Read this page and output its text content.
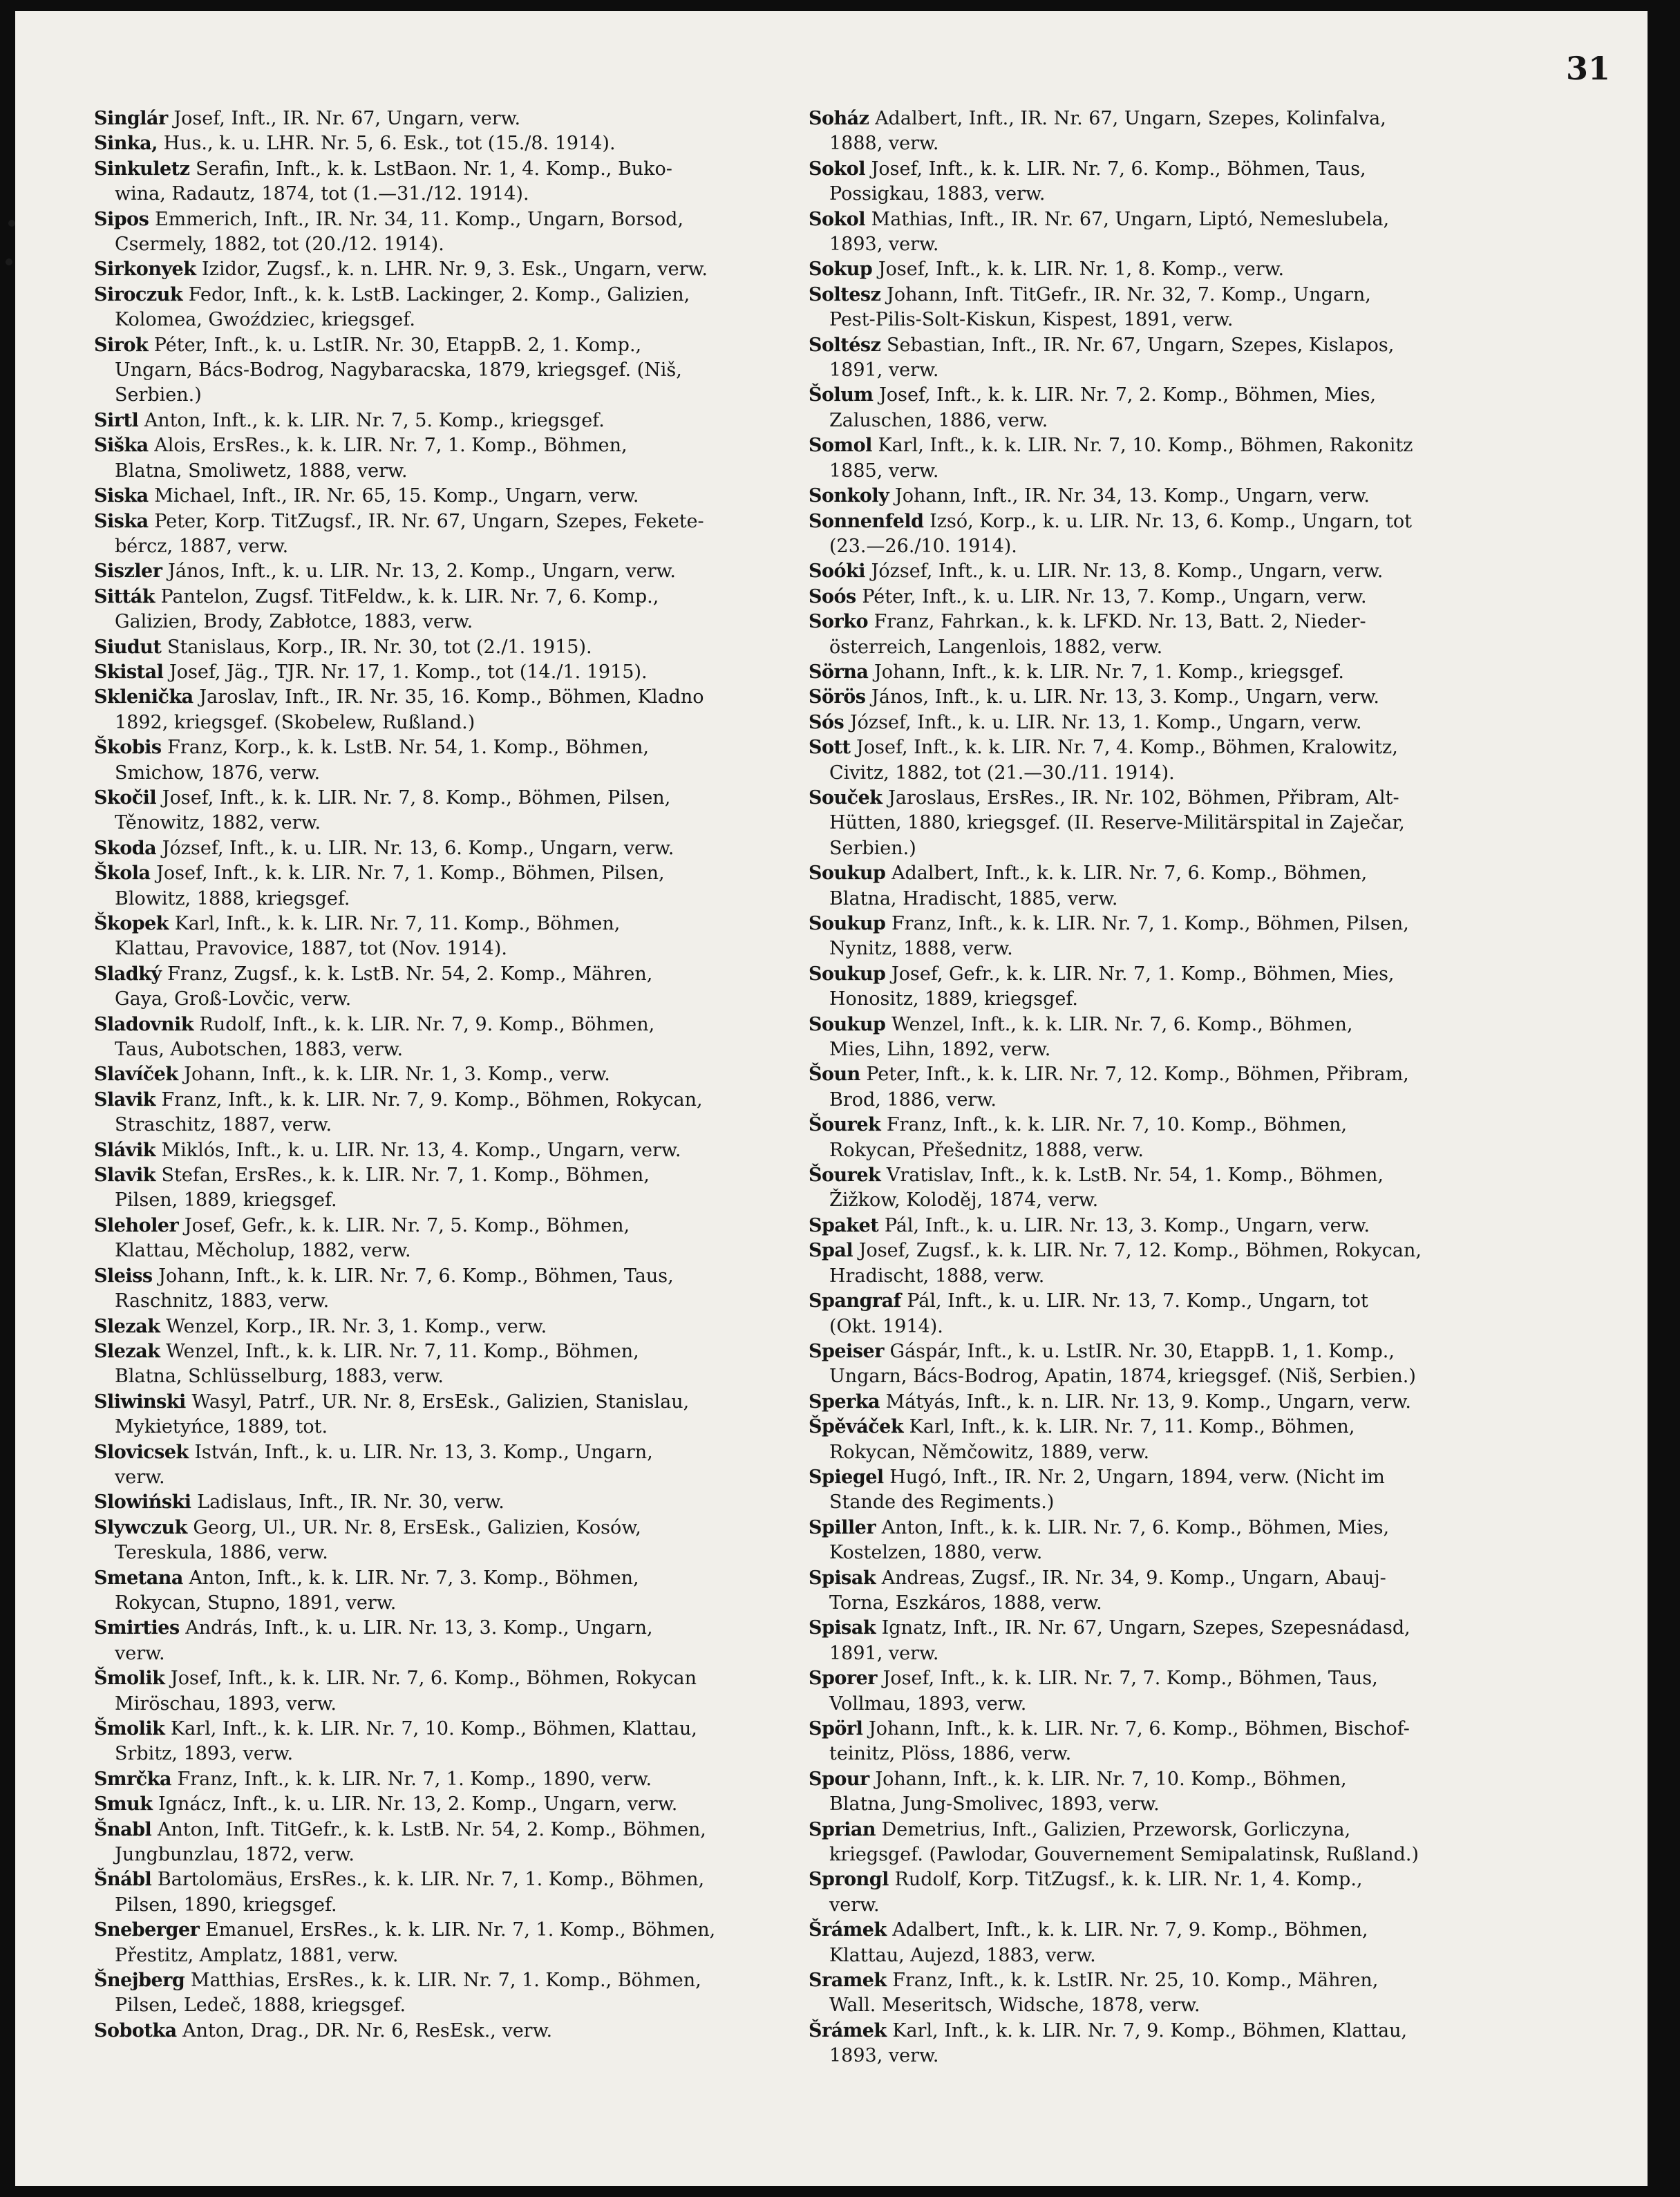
31
Singlár Josef, Inft., IR. Nr. 67, Ungarn, verw.
Sinka, Hus., k. u. LHR. Nr. 5, 6. Esk., tot (15./8. 1914).
Sinkuletz Serafin, Inft., k. k. LstBaon. Nr. 1, 4. Komp., Buko-
wina, Radautz, 1874, tot (1.—31./12. 1914).
Sipos Emmerich, Inft., IR. Nr. 34, 11. Komp., Ungarn, Borsod,
Csermely, 1882, tot (20./12. 1914).
Sirkonyek Izidor, Zugsf., k. n. LHR. Nr. 9, 3. Esk., Ungarn, verw.
Siroczuk Fedor, Inft., k. k. LstB. Lackinger, 2. Komp., Galizien,
Kolomea, Gwoździec, kriegsgef.
Sirok Péter, Inft., k. u. LstIR. Nr. 30, EtappB. 2, 1. Komp.,
Ungarn, Bács-Bodrog, Nagybaracska, 1879, kriegsgef. (Niš,
Serbien.)
Sirtl Anton, Inft., k. k. LIR. Nr. 7, 5. Komp., kriegsgef.
Siška Alois, ErsRes., k. k. LIR. Nr. 7, 1. Komp., Böhmen,
Blatna, Smoliwetz, 1888, verw.
Siska Michael, Inft., IR. Nr. 65, 15. Komp., Ungarn, verw.
Siska Peter, Korp. TitZugsf., IR. Nr. 67, Ungarn, Szepes, Fekete-
bércz, 1887, verw.
Siszler János, Inft., k. u. LIR. Nr. 13, 2. Komp., Ungarn, verw.
Sitták Pantelon, Zugsf. TitFeldw., k. k. LIR. Nr. 7, 6. Komp.,
Galizien, Brody, Zabłotce, 1883, verw.
Siudut Stanislaus, Korp., IR. Nr. 30, tot (2./1. 1915).
Skistal Josef, Jäg., TJR. Nr. 17, 1. Komp., tot (14./1. 1915).
Sklenička Jaroslav, Inft., IR. Nr. 35, 16. Komp., Böhmen, Kladno
1892, kriegsgef. (Skobelew, Rußland.)
Škobis Franz, Korp., k. k. LstB. Nr. 54, 1. Komp., Böhmen,
Smichow, 1876, verw.
Skočil Josef, Inft., k. k. LIR. Nr. 7, 8. Komp., Böhmen, Pilsen,
Těnowitz, 1882, verw.
Skoda József, Inft., k. u. LIR. Nr. 13, 6. Komp., Ungarn, verw.
Škola Josef, Inft., k. k. LIR. Nr. 7, 1. Komp., Böhmen, Pilsen,
Blowitz, 1888, kriegsgef.
Škopek Karl, Inft., k. k. LIR. Nr. 7, 11. Komp., Böhmen,
Klattau, Pravovice, 1887, tot (Nov. 1914).
Sladký Franz, Zugsf., k. k. LstB. Nr. 54, 2. Komp., Mähren,
Gaya, Groß-Lovčic, verw.
Sladovnik Rudolf, Inft., k. k. LIR. Nr. 7, 9. Komp., Böhmen,
Taus, Aubotschen, 1883, verw.
Slavíček Johann, Inft., k. k. LIR. Nr. 1, 3. Komp., verw.
Slavik Franz, Inft., k. k. LIR. Nr. 7, 9. Komp., Böhmen, Rokycan,
Straschitz, 1887, verw.
Slávik Miklós, Inft., k. u. LIR. Nr. 13, 4. Komp., Ungarn, verw.
Slavik Stefan, ErsRes., k. k. LIR. Nr. 7, 1. Komp., Böhmen,
Pilsen, 1889, kriegsgef.
Sleholer Josef, Gefr., k. k. LIR. Nr. 7, 5. Komp., Böhmen,
Klattau, Měcholup, 1882, verw.
Sleiss Johann, Inft., k. k. LIR. Nr. 7, 6. Komp., Böhmen, Taus,
Raschnitz, 1883, verw.
Slezak Wenzel, Korp., IR. Nr. 3, 1. Komp., verw.
Slezak Wenzel, Inft., k. k. LIR. Nr. 7, 11. Komp., Böhmen,
Blatna, Schlüsselburg, 1883, verw.
Sliwinski Wasyl, Patrf., UR. Nr. 8, ErsEsk., Galizien, Stanislau,
Mykietyńce, 1889, tot.
Slovicsek István, Inft., k. u. LIR. Nr. 13, 3. Komp., Ungarn,
verw.
Slowiński Ladislaus, Inft., IR. Nr. 30, verw.
Slywczuk Georg, Ul., UR. Nr. 8, ErsEsk., Galizien, Kosów,
Tereskula, 1886, verw.
Smetana Anton, Inft., k. k. LIR. Nr. 7, 3. Komp., Böhmen,
Rokycan, Stupno, 1891, verw.
Smirties András, Inft., k. u. LIR. Nr. 13, 3. Komp., Ungarn,
verw.
Šmolik Josef, Inft., k. k. LIR. Nr. 7, 6. Komp., Böhmen, Rokycan
Miröschau, 1893, verw.
Šmolik Karl, Inft., k. k. LIR. Nr. 7, 10. Komp., Böhmen, Klattau,
Srbitz, 1893, verw.
Smrčka Franz, Inft., k. k. LIR. Nr. 7, 1. Komp., 1890, verw.
Smuk Ignácz, Inft., k. u. LIR. Nr. 13, 2. Komp., Ungarn, verw.
Šnabl Anton, Inft. TitGefr., k. k. LstB. Nr. 54, 2. Komp., Böhmen,
Jungbunzlau, 1872, verw.
Šnábl Bartolomäus, ErsRes., k. k. LIR. Nr. 7, 1. Komp., Böhmen,
Pilsen, 1890, kriegsgef.
Sneberger Emanuel, ErsRes., k. k. LIR. Nr. 7, 1. Komp., Böhmen,
Přestitz, Amplatz, 1881, verw.
Šnejberg Matthias, ErsRes., k. k. LIR. Nr. 7, 1. Komp., Böhmen,
Pilsen, Ledeč, 1888, kriegsgef.
Sobotka Anton, Drag., DR. Nr. 6, ResEsk., verw.
Soház Adalbert, Inft., IR. Nr. 67, Ungarn, Szepes, Kolinfalva,
1888, verw.
Sokol Josef, Inft., k. k. LIR. Nr. 7, 6. Komp., Böhmen, Taus,
Possigkau, 1883, verw.
Sokol Mathias, Inft., IR. Nr. 67, Ungarn, Liptó, Nemeslubela,
1893, verw.
Sokup Josef, Inft., k. k. LIR. Nr. 1, 8. Komp., verw.
Soltesz Johann, Inft. TitGefr., IR. Nr. 32, 7. Komp., Ungarn,
Pest-Pilis-Solt-Kiskun, Kispest, 1891, verw.
Soltész Sebastian, Inft., IR. Nr. 67, Ungarn, Szepes, Kislapos,
1891, verw.
Šolum Josef, Inft., k. k. LIR. Nr. 7, 2. Komp., Böhmen, Mies,
Zaluschen, 1886, verw.
Somol Karl, Inft., k. k. LIR. Nr. 7, 10. Komp., Böhmen, Rakonitz
1885, verw.
Sonkoly Johann, Inft., IR. Nr. 34, 13. Komp., Ungarn, verw.
Sonnenfeld Izsó, Korp., k. u. LIR. Nr. 13, 6. Komp., Ungarn, tot
(23.—26./10. 1914).
Soóki József, Inft., k. u. LIR. Nr. 13, 8. Komp., Ungarn, verw.
Soós Péter, Inft., k. u. LIR. Nr. 13, 7. Komp., Ungarn, verw.
Sorko Franz, Fahrkan., k. k. LFKD. Nr. 13, Batt. 2, Nieder-
österreich, Langenlois, 1882, verw.
Sörna Johann, Inft., k. k. LIR. Nr. 7, 1. Komp., kriegsgef.
Sörös János, Inft., k. u. LIR. Nr. 13, 3. Komp., Ungarn, verw.
Sós József, Inft., k. u. LIR. Nr. 13, 1. Komp., Ungarn, verw.
Sott Josef, Inft., k. k. LIR. Nr. 7, 4. Komp., Böhmen, Kralowitz,
Civitz, 1882, tot (21.—30./11. 1914).
Souček Jaroslaus, ErsRes., IR. Nr. 102, Böhmen, Přibram, Alt-
Hütten, 1880, kriegsgef. (II. Reserve-Militärspital in Zaječar,
Serbien.)
Soukup Adalbert, Inft., k. k. LIR. Nr. 7, 6. Komp., Böhmen,
Blatna, Hradischt, 1885, verw.
Soukup Franz, Inft., k. k. LIR. Nr. 7, 1. Komp., Böhmen, Pilsen,
Nynitz, 1888, verw.
Soukup Josef, Gefr., k. k. LIR. Nr. 7, 1. Komp., Böhmen, Mies,
Honositz, 1889, kriegsgef.
Soukup Wenzel, Inft., k. k. LIR. Nr. 7, 6. Komp., Böhmen,
Mies, Lihn, 1892, verw.
Šoun Peter, Inft., k. k. LIR. Nr. 7, 12. Komp., Böhmen, Přibram,
Brod, 1886, verw.
Šourek Franz, Inft., k. k. LIR. Nr. 7, 10. Komp., Böhmen,
Rokycan, Přešednitz, 1888, verw.
Šourek Vratislav, Inft., k. k. LstB. Nr. 54, 1. Komp., Böhmen,
Žižkow, Koloděj, 1874, verw.
Spaket Pál, Inft., k. u. LIR. Nr. 13, 3. Komp., Ungarn, verw.
Spal Josef, Zugsf., k. k. LIR. Nr. 7, 12. Komp., Böhmen, Rokycan,
Hradischt, 1888, verw.
Spangraf Pál, Inft., k. u. LIR. Nr. 13, 7. Komp., Ungarn, tot
(Okt. 1914).
Speiser Gáspár, Inft., k. u. LstIR. Nr. 30, EtappB. 1, 1. Komp.,
Ungarn, Bács-Bodrog, Apatin, 1874, kriegsgef. (Niš, Serbien.)
Sperka Mátyás, Inft., k. n. LIR. Nr. 13, 9. Komp., Ungarn, verw.
Špěváček Karl, Inft., k. k. LIR. Nr. 7, 11. Komp., Böhmen,
Rokycan, Němčowitz, 1889, verw.
Spiegel Hugó, Inft., IR. Nr. 2, Ungarn, 1894, verw. (Nicht im
Stande des Regiments.)
Spiller Anton, Inft., k. k. LIR. Nr. 7, 6. Komp., Böhmen, Mies,
Kostelzen, 1880, verw.
Spisak Andreas, Zugsf., IR. Nr. 34, 9. Komp., Ungarn, Abauj-
Torna, Eszkáros, 1888, verw.
Spisak Ignatz, Inft., IR. Nr. 67, Ungarn, Szepes, Szepesnádasd,
1891, verw.
Sporer Josef, Inft., k. k. LIR. Nr. 7, 7. Komp., Böhmen, Taus,
Vollmau, 1893, verw.
Spörl Johann, Inft., k. k. LIR. Nr. 7, 6. Komp., Böhmen, Bischof-
teinitz, Plöss, 1886, verw.
Spour Johann, Inft., k. k. LIR. Nr. 7, 10. Komp., Böhmen,
Blatna, Jung-Smolivec, 1893, verw.
Sprian Demetrius, Inft., Galizien, Przeworsk, Gorliczyna,
kriegsgef. (Pawlodar, Gouvernement Semipalatinsk, Rußland.)
Sprongl Rudolf, Korp. TitZugsf., k. k. LIR. Nr. 1, 4. Komp.,
verw.
Šrámek Adalbert, Inft., k. k. LIR. Nr. 7, 9. Komp., Böhmen,
Klattau, Aujezd, 1883, verw.
Sramek Franz, Inft., k. k. LstIR. Nr. 25, 10. Komp., Mähren,
Wall. Meseritsch, Widsche, 1878, verw.
Šrámek Karl, Inft., k. k. LIR. Nr. 7, 9. Komp., Böhmen, Klattau,
1893, verw.
